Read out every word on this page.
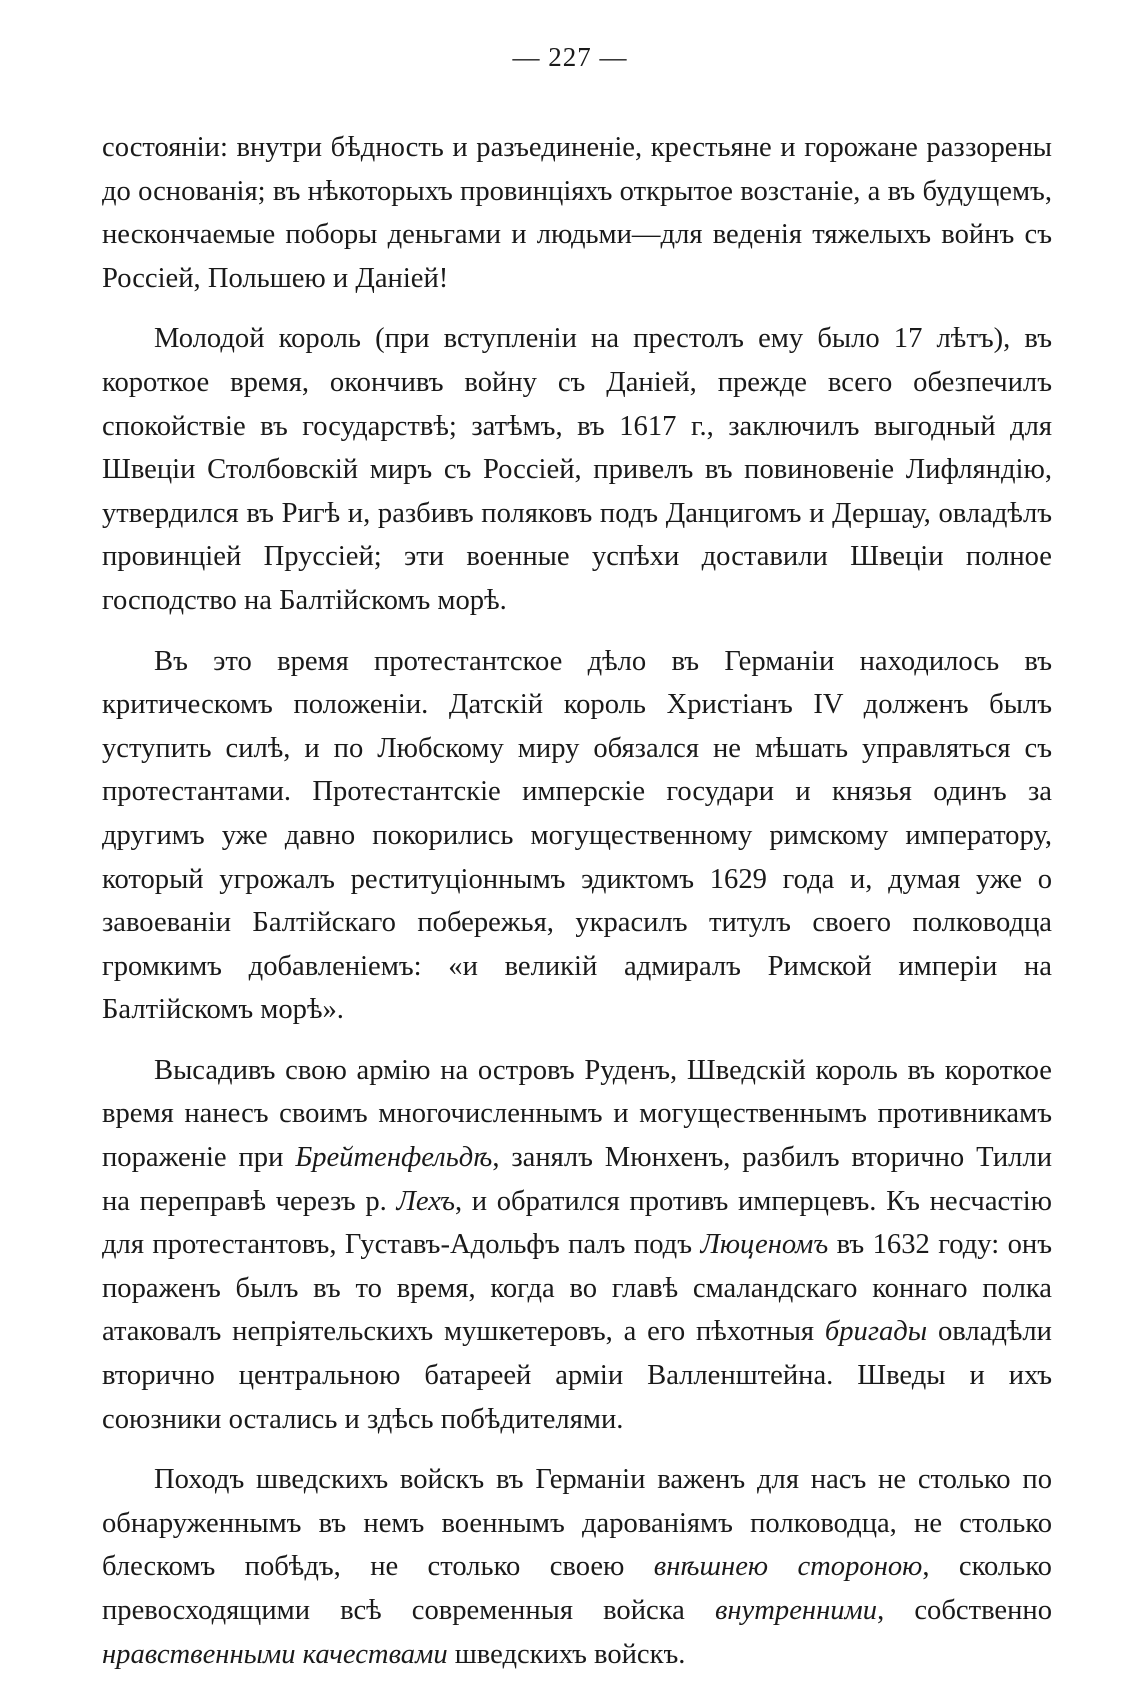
— 227 —

состоянiи: внутри бѣдность и разъединенiе, крестьяне и горожане раззорены до основанiя; въ нѣкоторыхъ провинцiяхъ открытое возстанiе, а въ будущемъ, нескончаемые поборы деньгами и людьми—для веденiя тяжелыхъ войнъ съ Россiей, Польшею и Данiей!

Молодой король (при вступленiи на престолъ ему было 17 лѣтъ), въ короткое время, окончивъ войну съ Данiей, прежде всего обезпечилъ спокойствiе въ государствѣ; затѣмъ, въ 1617 г., заключилъ выгодный для Швецiи Столбовскiй миръ съ Россiей, привелъ въ повиновенiе Лифляндiю, утвердился въ Ригѣ и, разбивъ поляковъ подъ Данцигомъ и Дершау, овладѣлъ провинцiей Пруссiей; эти военные успѣхи доставили Швецiи полное господство на Балтiйскомъ морѣ.

Въ это время протестантское дѣло въ Германiи находилось въ критическомъ положенiи. Датскiй король Христiанъ IV долженъ былъ уступить силѣ, и по Любскому миру обязался не мѣшать управляться съ протестантами. Протестантскiе имперскiе государи и князья одинъ за другимъ уже давно покорились могущественному римскому императору, который угрожалъ реституцiоннымъ эдиктомъ 1629 года и, думая уже о завоеванiи Балтiйскаго побережья, украсилъ титулъ своего полководца громкимъ добавленiемъ: «и великiй адмиралъ Римской имперiи на Балтiйскомъ морѣ».

Высадивъ свою армiю на островъ Руденъ, Шведскiй король въ короткое время нанесъ своимъ многочисленнымъ и могущественнымъ противникамъ пораженiе при Брейтенфельдѣ, занялъ Мюнхенъ, разбилъ вторично Тилли на переправѣ черезъ р. Лехъ, и обратился противъ имперцевъ. Къ несчастiю для протестантовъ, Густавъ-Адольфъ палъ подъ Люценомъ въ 1632 году: онъ пораженъ былъ въ то время, когда во главѣ смаландскаго коннаго полка атаковалъ непрiятельскихъ мушкетеровъ, а его пѣхотныя бригады овладѣли вторично центральною батареей армiи Валленштейна. Шведы и ихъ союзники остались и здѣсь побѣдителями.

Походъ шведскихъ войскъ въ Германiи важенъ для насъ не столько по обнаруженнымъ въ немъ военнымъ дарованiямъ полководца, не столько блескомъ побѣдъ, не столько своею внѣшнею стороною, сколько превосходящими всѣ современныя войска внутренними, собственно нравственными качествами шведскихъ войскъ.
